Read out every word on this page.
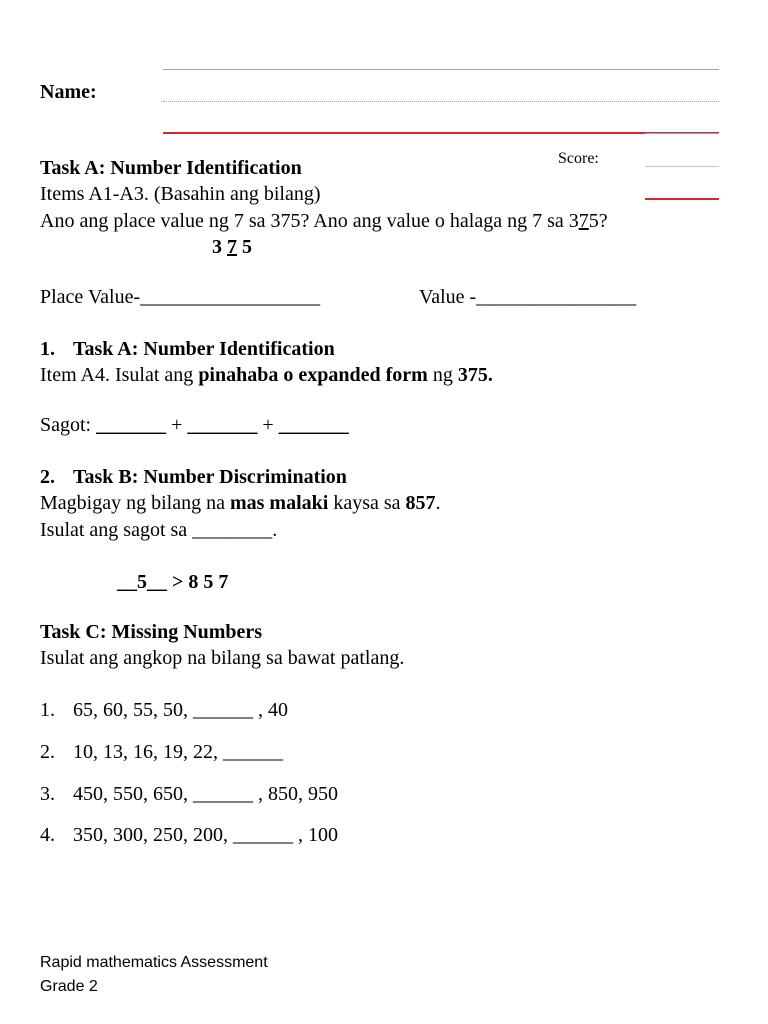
Name:
Score:
Task A: Number Identification
Items A1-A3. (Basahin ang bilang)
Ano ang place value ng 7 sa 375? Ano ang value o halaga ng 7 sa 375?
3 7 5
Place Value-__________________	Value -________________
1. Task A: Number Identification
Item A4. Isulat ang pinahaba o expanded form ng 375.
Sagot: _______ + _______ + _______
2. Task B: Number Discrimination
Magbigay ng bilang na mas malaki kaysa sa 857.
Isulat ang sagot sa ________.
__5__ > 8 5 7
Task C: Missing Numbers
Isulat ang angkop na bilang sa bawat patlang.
1. 65, 60, 55, 50, ______ , 40
2. 10, 13, 16, 19, 22, ______
3. 450, 550, 650, ______ , 850, 950
4. 350, 300, 250, 200, ______ , 100
Rapid mathematics Assessment
Grade 2
